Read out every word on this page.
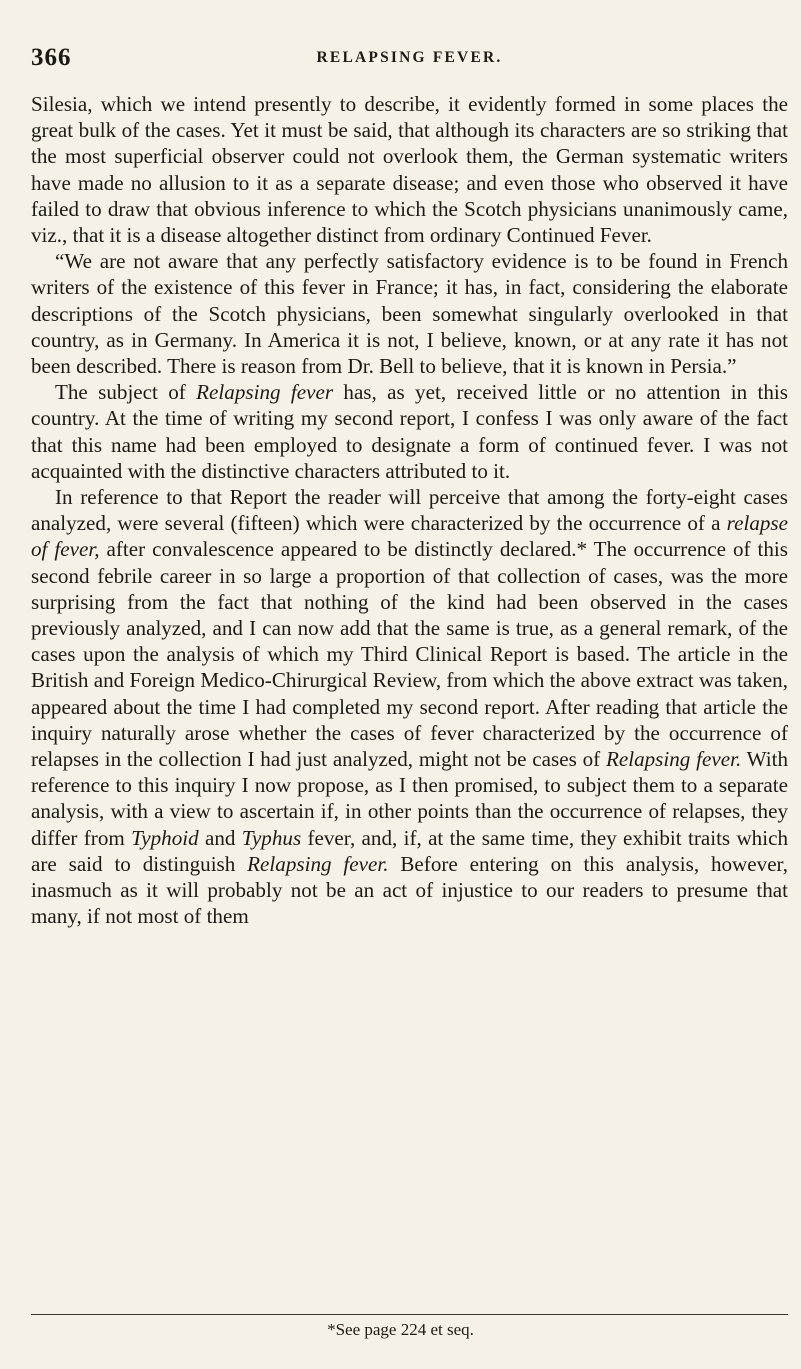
366	RELAPSING FEVER.

Silesia, which we intend presently to describe, it evidently formed in some places the great bulk of the cases. Yet it must be said, that although its characters are so striking that the most superficial observer could not overlook them, the German systematic writers have made no allusion to it as a separate disease; and even those who observed it have failed to draw that obvious inference to which the Scotch physicians unanimously came, viz., that it is a disease altogether distinct from ordinary Continued Fever.

“We are not aware that any perfectly satisfactory evidence is to be found in French writers of the existence of this fever in France; it has, in fact, considering the elaborate descriptions of the Scotch physicians, been somewhat singularly overlooked in that country, as in Germany. In America it is not, I believe, known, or at any rate it has not been described. There is reason from Dr. Bell to believe, that it is known in Persia.”

The subject of Relapsing fever has, as yet, received little or no attention in this country. At the time of writing my second report, I confess I was only aware of the fact that this name had been employed to designate a form of continued fever. I was not acquainted with the distinctive characters attributed to it.

In reference to that Report the reader will perceive that among the forty-eight cases analyzed, were several (fifteen) which were characterized by the occurrence of a relapse of fever, after convalescence appeared to be distinctly declared.* The occurrence of this second febrile career in so large a proportion of that collection of cases, was the more surprising from the fact that nothing of the kind had been observed in the cases previously analyzed, and I can now add that the same is true, as a general remark, of the cases upon the analysis of which my Third Clinical Report is based. The article in the British and Foreign Medico-Chirurgical Review, from which the above extract was taken, appeared about the time I had completed my second report. After reading that article the inquiry naturally arose whether the cases of fever characterized by the occurrence of relapses in the collection I had just analyzed, might not be cases of Relapsing fever. With reference to this inquiry I now propose, as I then promised, to subject them to a separate analysis, with a view to ascertain if, in other points than the occurrence of relapses, they differ from Typhoid and Typhus fever, and, if, at the same time, they exhibit traits which are said to distinguish Relapsing fever. Before entering on this analysis, however, inasmuch as it will probably not be an act of injustice to our readers to presume that many, if not most of them

*See page 224 et seq.
